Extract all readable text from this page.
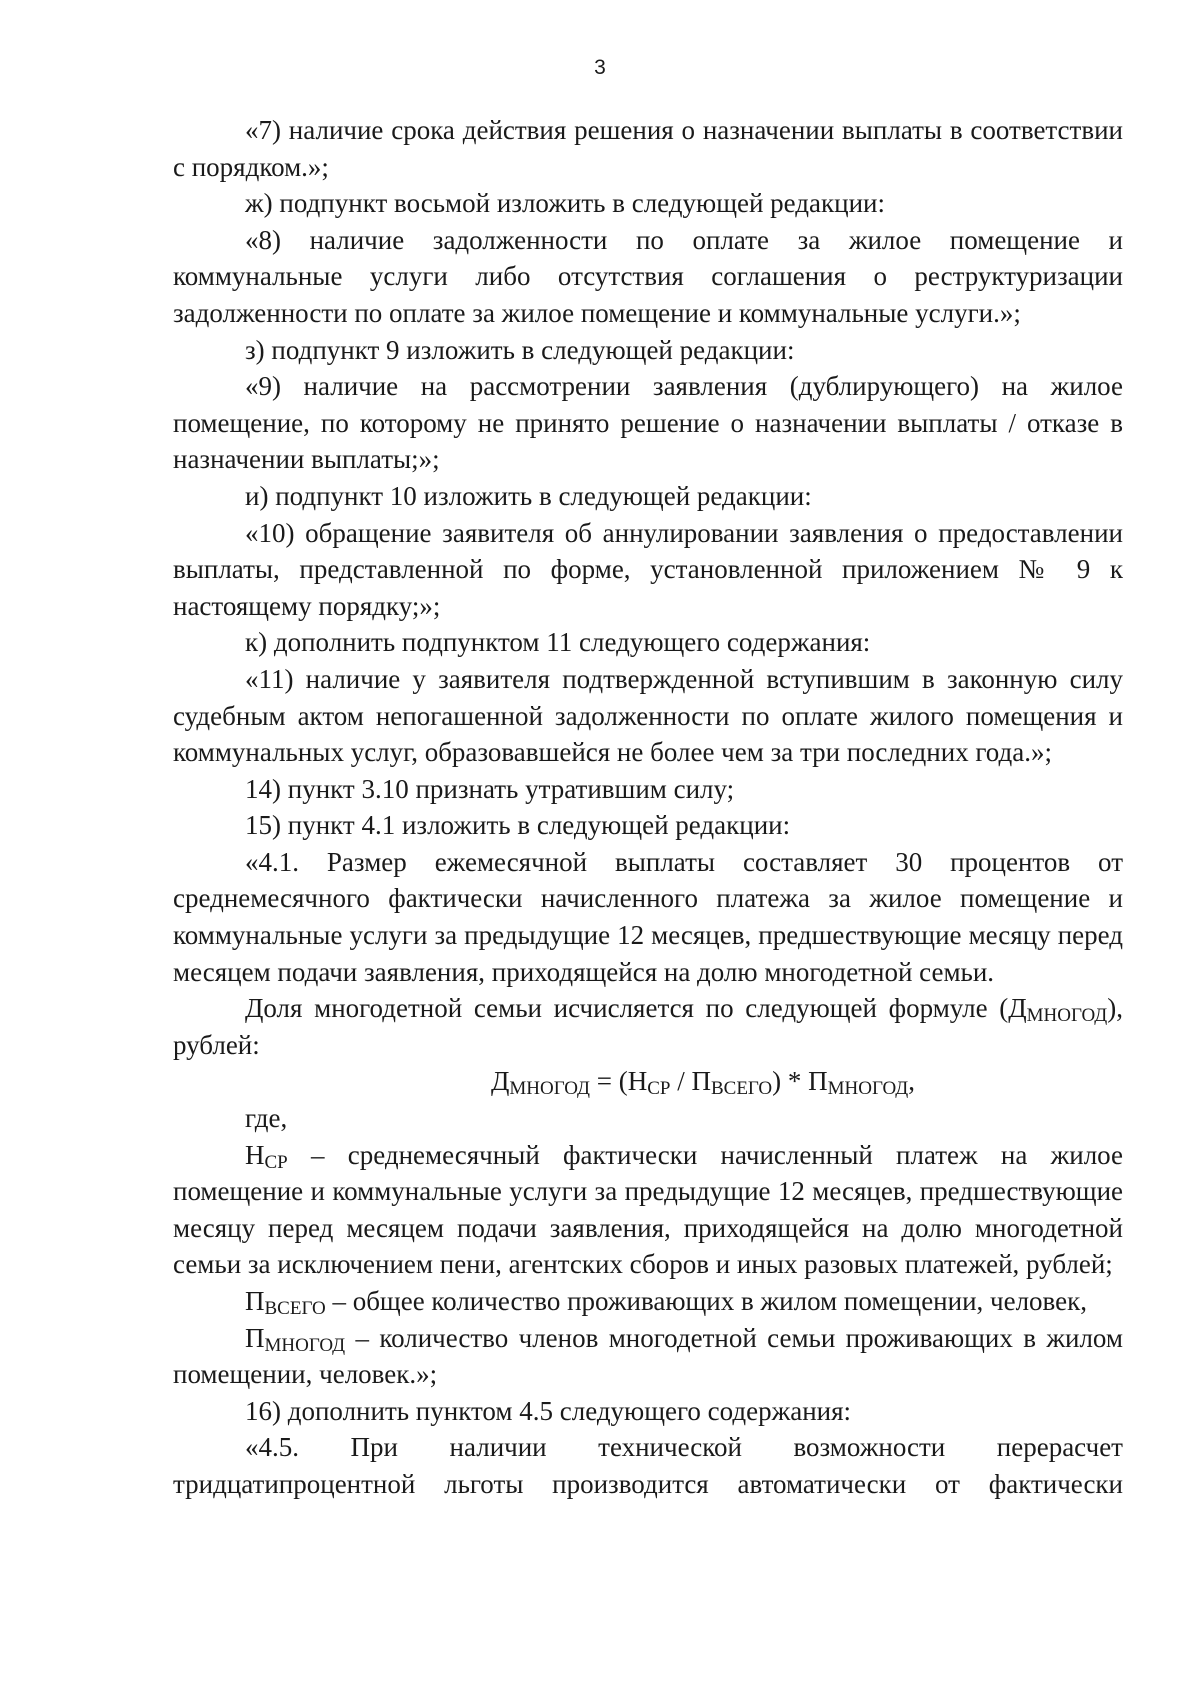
3

«7) наличие срока действия решения о назначении выплаты в соответствии с порядком.»;

ж) подпункт восьмой изложить в следующей редакции:

«8) наличие задолженности по оплате за жилое помещение и коммунальные услуги либо отсутствия соглашения о реструктуризации задолженности по оплате за жилое помещение и коммунальные услуги.»;

з) подпункт 9 изложить в следующей редакции:

«9) наличие на рассмотрении заявления (дублирующего) на жилое помещение, по которому не принято решение о назначении выплаты / отказе в назначении выплаты;»;

и) подпункт 10 изложить в следующей редакции:

«10) обращение заявителя об аннулировании заявления о предоставлении выплаты, представленной по форме, установленной приложением № 9 к настоящему порядку;»;

к) дополнить подпунктом 11 следующего содержания:

«11) наличие у заявителя подтвержденной вступившим в законную силу судебным актом непогашенной задолженности по оплате жилого помещения и коммунальных услуг, образовавшейся не более чем за три последних года.»;

14) пункт 3.10 признать утратившим силу;

15) пункт 4.1 изложить в следующей редакции:

«4.1. Размер ежемесячной выплаты составляет 30 процентов от среднемесячного фактически начисленного платежа за жилое помещение и коммунальные услуги за предыдущие 12 месяцев, предшествующие месяцу перед месяцем подачи заявления, приходящейся на долю многодетной семьи.

Доля многодетной семьи исчисляется по следующей формуле $(Д_{МНОГОД})$, рублей:

$Д_{МНОГОД} = (Н_{СР} / П_{ВСЕГО}) * П_{МНОГОД}$,

где,

$Н_{СР}$ – среднемесячный фактически начисленный платеж на жилое помещение и коммунальные услуги за предыдущие 12 месяцев, предшествующие месяцу перед месяцем подачи заявления, приходящейся на долю многодетной семьи за исключением пени, агентских сборов и иных разовых платежей, рублей;

$П_{ВСЕГО}$ – общее количество проживающих в жилом помещении, человек,

$П_{МНОГОД}$ – количество членов многодетной семьи проживающих в жилом помещении, человек.»;

16) дополнить пунктом 4.5 следующего содержания:

«4.5. При наличии технической возможности перерасчет тридцатипроцентной льготы производится автоматически от фактически
